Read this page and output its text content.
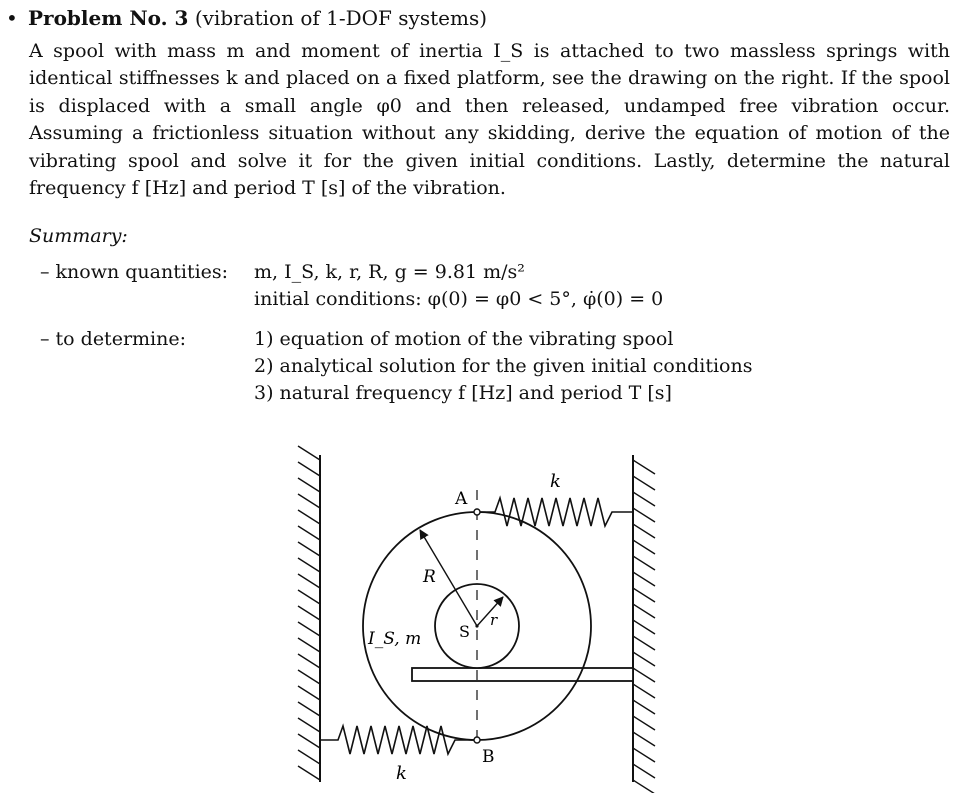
• Problem No. 3 (vibration of 1-DOF systems)
A spool with mass m and moment of inertia I_S is attached to two massless springs with identical stiffnesses k and placed on a fixed platform, see the drawing on the right. If the spool is displaced with a small angle φ0 and then released, undamped free vibration occur. Assuming a frictionless situation without any skidding, derive the equation of motion of the vibrating spool and solve it for the given initial conditions. Lastly, determine the natural frequency f [Hz] and period T [s] of the vibration.
Summary:
– known quantities: m, I_S, k, r, R, g = 9.81 m/s²
initial conditions: φ(0) = φ0 < 5°, φ̇(0) = 0
– to determine:	1) equation of motion of the vibrating spool
2) analytical solution for the given initial conditions
3) natural frequency f [Hz] and period T [s]
k
k
A
B
R
r
S
I_S, m
